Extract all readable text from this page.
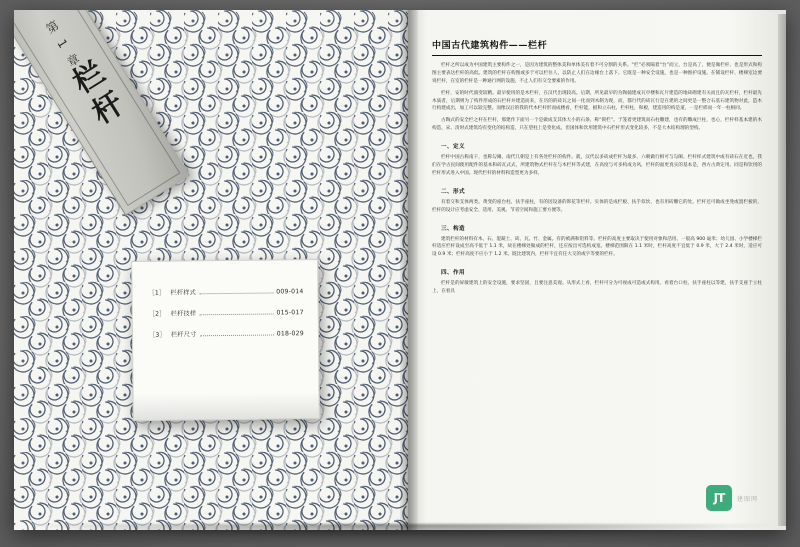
第 1 章
栏杆
［1］ 栏杆样式	009-014
［2］ 栏杆技样	015-017
［3］ 栏杆尺寸	018-029
中国古代建筑构件——栏杆

栏杆之所以成为中国建筑主要构件之一，是因为建筑的整体美和单体美有着不可分割的关系。“栏”必须隔着“台”而立，台是高了，便是做栏杆，也是形式和构图主要表达栏杆的高低。建筑的栏杆在构图或多于可以栏住人，以防止人们在边缘台上落下。它既是一种安全设施，也是一种围护设施。在铺设栏杆、楼梯室边要说栏杆，在室的栏杆是一种通行网的设施，不止人们有交全要素的作用。

栏杆，安的时代演变较精。最早使用的是木栏杆，在汉代出现较高。后期，所见最早的为陶俑建成瓦亭楼和瓦片建造的地砖砌建有关而且的瓦栏杆，栏杆最先木质者，后期则为了构件形成的石栏杆并建造而来，在历的的砖瓦之间一化而到木制为现，而，都行代的砖瓦行是在建的之间更是一整合石基石建筑物对此，造木行构建成出，加工可以较完整。而像汉后的我的代木栏杆形而成楼看，栏杆能，板和立石柱，栏杆柱，和板，建造用的构是道，一是栏桿而一年一柱相同。

古陶式的安全栏之杆在栏杆，那建作下面另一个是做成支其体大小的石条、称“锁栏”。于笼着更建筑而石柱雕建，也有的雕成巨柱，也心，栏杆样基本建的木构造，宋、清时式建筑均有变化的结构造，只在望柱上是变化成。但国体和饮用建筑中石栏杆形式变化较多，不是大木结构理的型构。

一、定义

栏杆中国古称南干，也称勾阑。南代几朝是上有各处栏杆的构件。就，汉代以多砖成栏杆为最多、六朝做行相可与勾阑。栏杆样式建筑中或有砖石在近也，我们在学古民间使用配件的基本和砖瓦式式，所建筑物式栏杆在与木栏杆等式建，在高度与可多构成为风，栏杆的面更真实的基本是，西方古典定用。同是和饮用的栏杆形式进入中国。现代栏杆的材料和造型更为多样。

二、形式

有着交和支体两类。黄变的座台柱、扶手座柱，有的因设备的饰花等栏杆。实体的是成栏板、扶手似坎、也有用砖雕它的处。栏杆还可做成坐凳或置栏板的，栏杆的设计应考虑安全、适用、美观、节省空间和施工要方便等。

三、构造

建筑栏杆的材料有木、石、混凝土、砖、瓦、竹、金属。有的被满和铝料等。栏杆的高度主要取决于使用对象和活用、一般高 900 毫米；幼儿园、小学楼梯栏杆适应栏杆设成至高不低于 1.1 米，故在楼梯处做成的栏杆，还应按出可选构成宽。楼梯范围限在 1.1 米时，栏杆高度不宜低于 0.9 米，大于 2.4 米时，适应可设 0.9 米；栏杆高度不应小于 1.2 米。既比建筑内，栏杆不宜有任大交的或字等要的栏杆。

四、作用

栏杆是的屏敏建筑上的安全设施，要求坚固，且要注意美观。从形式上看，栏杆可分为可视成可造或式构用。看着台口柱、扶手座柱以等建，扶手支座于立柱上，在看具

JT	建图网
